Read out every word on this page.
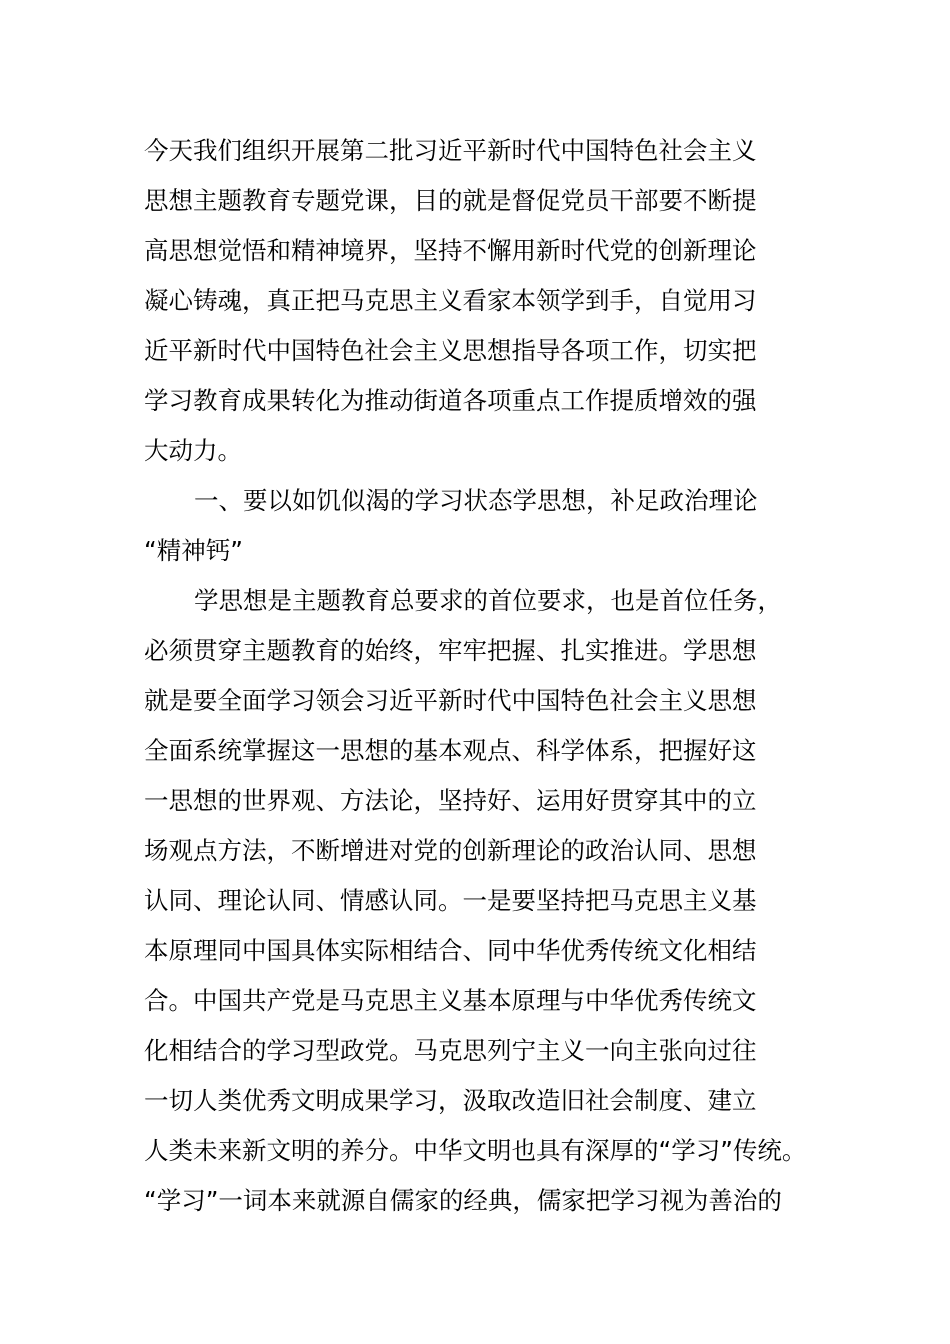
今天我们组织开展第二批习近平新时代中国特色社会主义
思想主题教育专题党课，目的就是督促党员干部要不断提
高思想觉悟和精神境界，坚持不懈用新时代党的创新理论
凝心铸魂，真正把马克思主义看家本领学到手，自觉用习
近平新时代中国特色社会主义思想指导各项工作，切实把
学习教育成果转化为推动街道各项重点工作提质增效的强
大动力。
一、要以如饥似渴的学习状态学思想，补足政治理论
“精神钙”
学思想是主题教育总要求的首位要求，也是首位任务，
必须贯穿主题教育的始终，牢牢把握、扎实推进。学思想
就是要全面学习领会习近平新时代中国特色社会主义思想
全面系统掌握这一思想的基本观点、科学体系，把握好这
一思想的世界观、方法论，坚持好、运用好贯穿其中的立
场观点方法，不断增进对党的创新理论的政治认同、思想
认同、理论认同、情感认同。一是要坚持把马克思主义基
本原理同中国具体实际相结合、同中华优秀传统文化相结
合。中国共产党是马克思主义基本原理与中华优秀传统文
化相结合的学习型政党。马克思列宁主义一向主张向过往
一切人类优秀文明成果学习，汲取改造旧社会制度、建立
人类未来新文明的养分。中华文明也具有深厚的“学习”传统。
“学习”一词本来就源自儒家的经典，儒家把学习视为善治的
